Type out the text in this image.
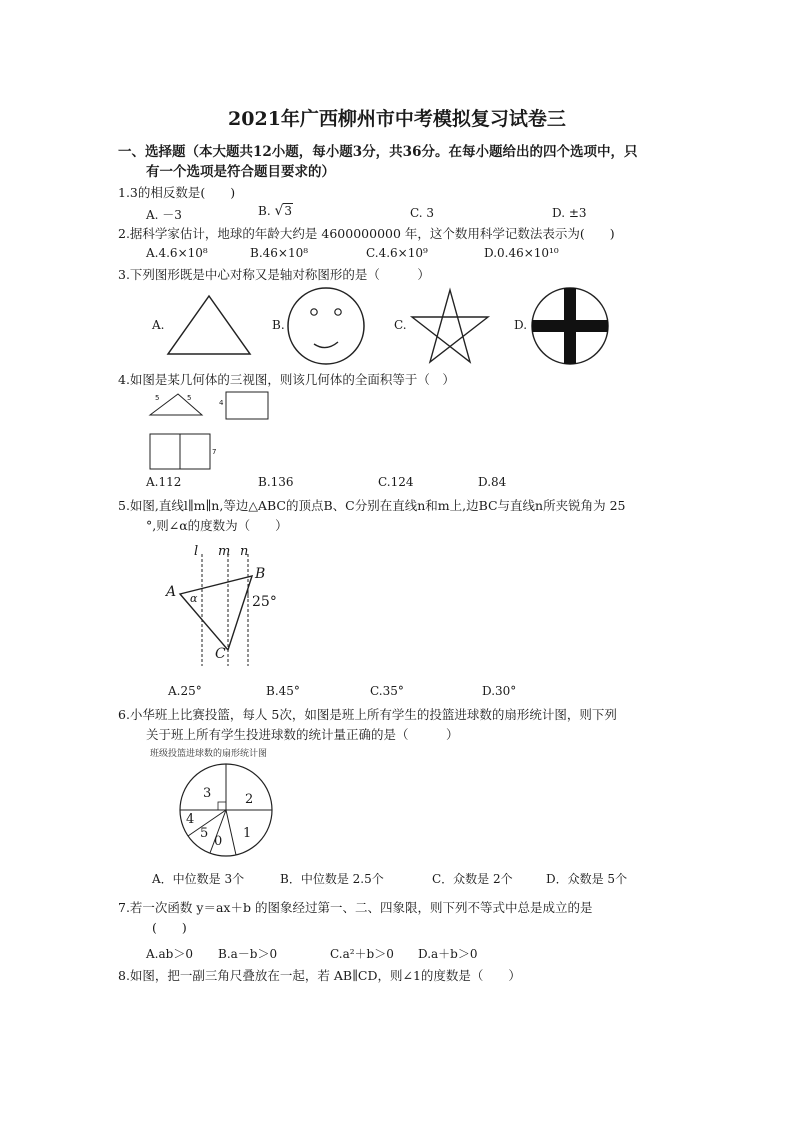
2021年广西柳州市中考模拟复习试卷三
一、选择题（本大题共12小题，每小题3分，共36分。在每小题给出的四个选项中，只
有一个选项是符合题目要求的）
1.3的相反数是(　　)
A. －3	B. √3	C. 3	D. ±3
2.据科学家估计，地球的年龄大约是 4600000000 年，这个数用科学记数法表示为(　　)
A.4.6×10⁸	B.46×10⁸	C.4.6×10⁹	D.0.46×10¹⁰
3.下列图形既是中心对称又是轴对称图形的是（　　　）
A.	B.	C.	D.
4.如图是某几何体的三视图，则该几何体的全面积等于（　）
5	5
4
7
A.112	B.136	C.124	D.84
5.如图,直线l∥m∥n,等边△ABC的顶点B、C分别在直线n和m上,边BC与直线n所夹锐角为 25
°,则∠α的度数为（　　）
l m n
A
B
C
α	25°
A.25°	B.45°	C.35°	D.30°
6.小华班上比赛投篮，每人 5次，如图是班上所有学生的投篮进球数的扇形统计图，则下列
关于班上所有学生投进球数的统计量正确的是（　　　）
班级投篮进球数的扇形统计图
3	2
4
5
0
1
A．中位数是 3个	B．中位数是 2.5个	C．众数是 2个	D．众数是 5个
7.若一次函数 y＝ax＋b 的图象经过第一、二、四象限，则下列不等式中总是成立的是
(　　)
A.ab＞0 B.a－b＞0	C.a²＋b＞0 D.a＋b＞0
8.如图，把一副三角尺叠放在一起，若 AB∥CD，则∠1的度数是（　　）
